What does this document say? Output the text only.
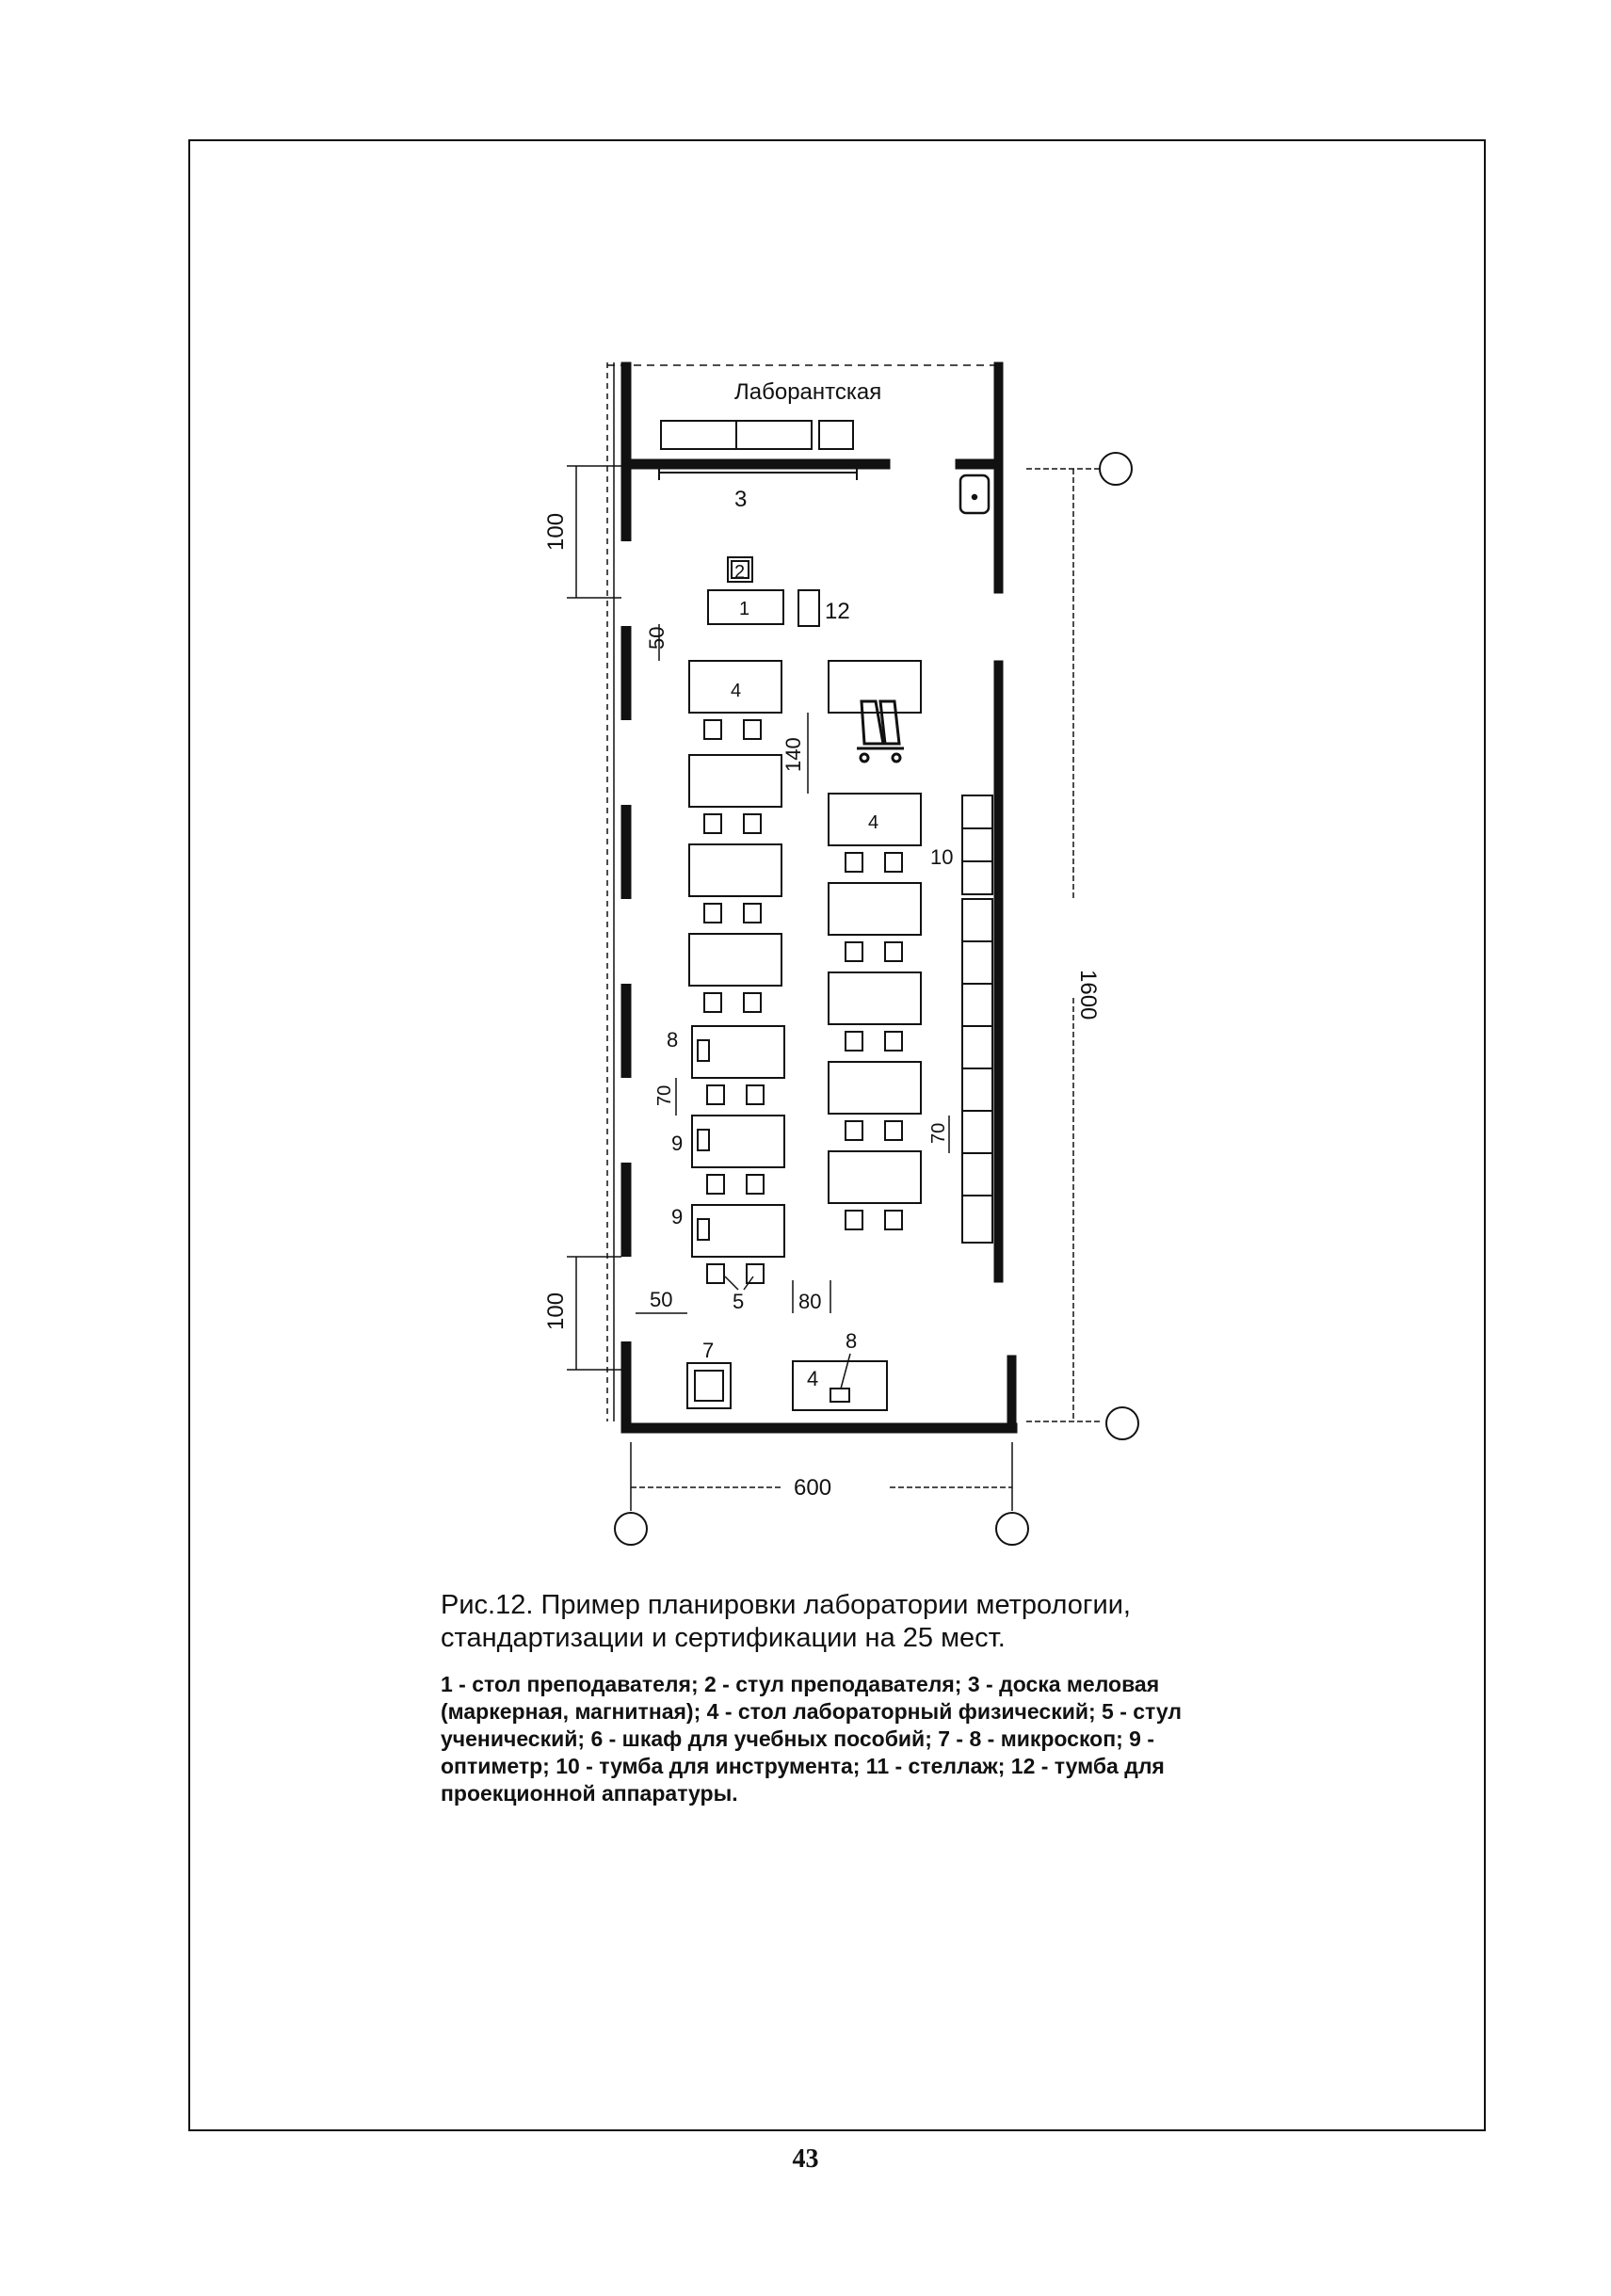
Лаборантская
3
2
1	12
4
8
9
9
4
10
5
7
4
8
600
1600
100
100
50
140
70
70
50	80
Рис.12. Пример планировки лаборатории метрологии, стандартизации и сертификации на 25 мест.
1 - стол преподавателя; 2 - стул преподавателя; 3 - доска меловая (маркерная, магнитная); 4 - стол лабораторный физический; 5 - стул ученический; 6 - шкаф для учебных пособий; 7 - 8 - микроскоп; 9 - оптиметр; 10 - тумба для инструмента; 11 - стеллаж; 12 - тумба для проекционной аппаратуры.
43
